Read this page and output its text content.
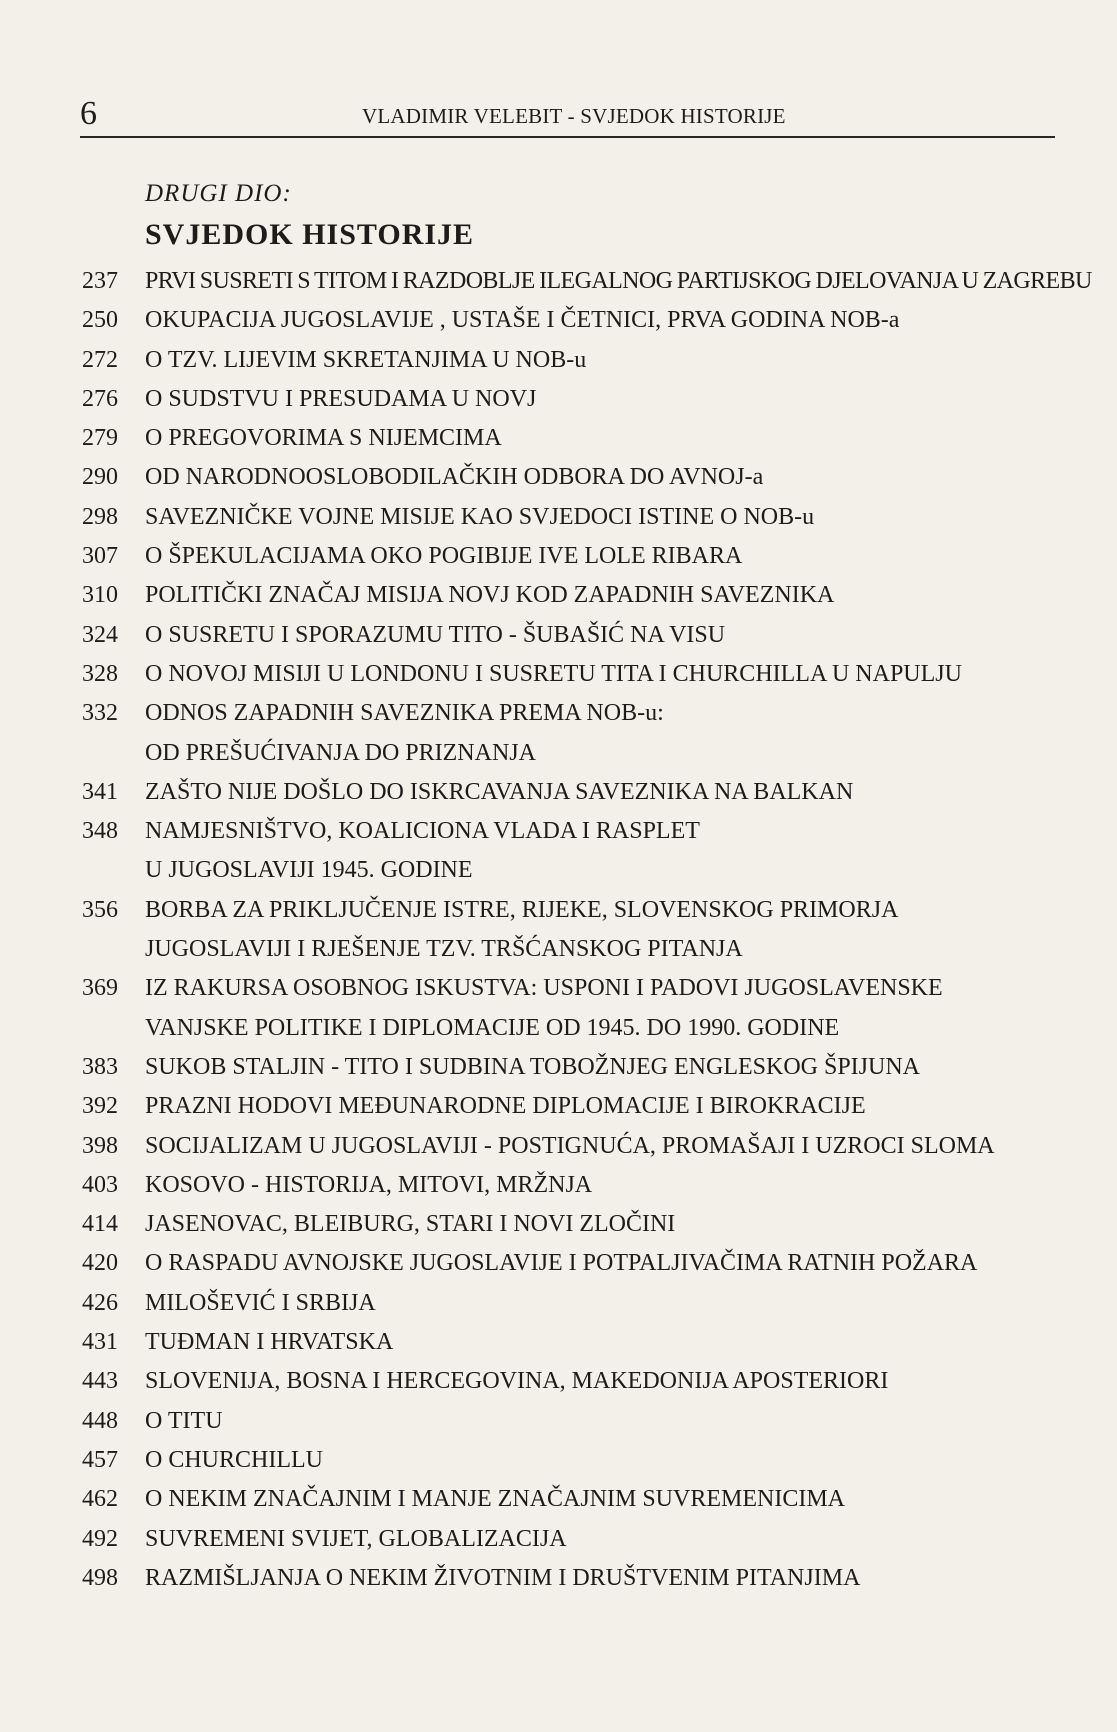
6	VLADIMIR VELEBIT - SVJEDOK HISTORIJE
DRUGI DIO:
SVJEDOK HISTORIJE
237 PRVI SUSRETI S TITOM I RAZDOBLJE ILEGALNOG PARTIJSKOG DJELOVANJA U ZAGREBU
250 OKUPACIJA JUGOSLAVIJE , USTAŠE I ČETNICI, PRVA GODINA NOB-a
272 O TZV. LIJEVIM SKRETANJIMA U NOB-u
276 O SUDSTVU I PRESUDAMA U NOVJ
279 O PREGOVORIMA S NIJEMCIMA
290 OD NARODNOOSLOBODILAČKIH ODBORA DO AVNOJ-a
298 SAVEZNIČKE VOJNE MISIJE KAO SVJEDOCI ISTINE O NOB-u
307 O ŠPEKULACIJAMA OKO POGIBIJE IVE LOLE RIBARA
310 POLITIČKI ZNAČAJ MISIJA NOVJ KOD ZAPADNIH SAVEZNIKA
324 O SUSRETU I SPORAZUMU TITO - ŠUBAŠIĆ NA VISU
328 O NOVOJ MISIJI U LONDONU I SUSRETU TITA I CHURCHILLA U NAPULJU
332 ODNOS ZAPADNIH SAVEZNIKA PREMA NOB-u:
OD PREŠUĆIVANJA DO PRIZNANJA
341 ZAŠTO NIJE DOŠLO DO ISKRCAVANJA SAVEZNIKA NA BALKAN
348 NAMJESNIŠTVO, KOALICIONA VLADA I RASPLET
U JUGOSLAVIJI 1945. GODINE
356 BORBA ZA PRIKLJUČENJE ISTRE, RIJEKE, SLOVENSKOG PRIMORJA
JUGOSLAVIJI I RJEŠENJE TZV. TRŠĆANSKOG PITANJA
369 IZ RAKURSA OSOBNOG ISKUSTVA: USPONI I PADOVI JUGOSLAVENSKE
VANJSKE POLITIKE I DIPLOMACIJE OD 1945. DO 1990. GODINE
383 SUKOB STALJIN - TITO I SUDBINA TOBOŽNJEG ENGLESKOG ŠPIJUNA
392 PRAZNI HODOVI MEĐUNARODNE DIPLOMACIJE I BIROKRACIJE
398 SOCIJALIZAM U JUGOSLAVIJI - POSTIGNUĆA, PROMAŠAJI I UZROCI SLOMA
403 KOSOVO - HISTORIJA, MITOVI, MRŽNJA
414 JASENOVAC, BLEIBURG, STARI I NOVI ZLOČINI
420 O RASPADU AVNOJSKE JUGOSLAVIJE I POTPALJIVAČIMA RATNIH POŽARA
426 MILOŠEVIĆ I SRBIJA
431 TUĐMAN I HRVATSKA
443 SLOVENIJA, BOSNA I HERCEGOVINA, MAKEDONIJA APOSTERIORI
448 O TITU
457 O CHURCHILLU
462 O NEKIM ZNAČAJNIM I MANJE ZNAČAJNIM SUVREMENICIMA
492 SUVREMENI SVIJET, GLOBALIZACIJA
498 RAZMIŠLJANJA O NEKIM ŽIVOTNIM I DRUŠTVENIM PITANJIMA
